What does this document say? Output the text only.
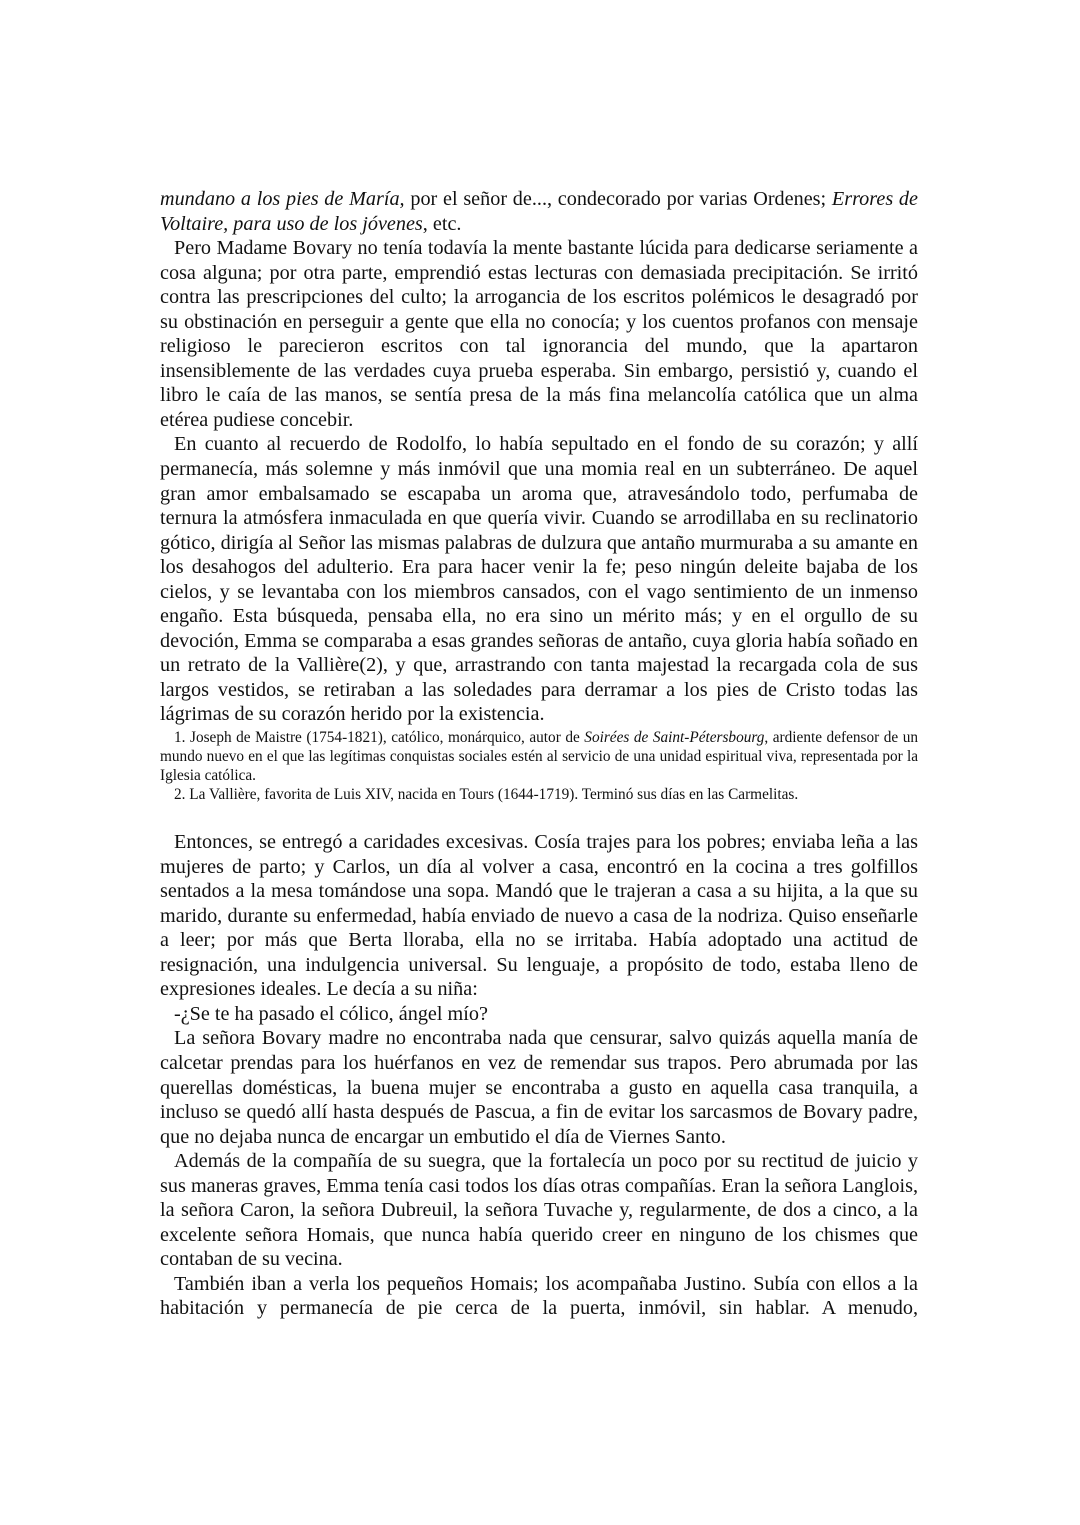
mundano a los pies de María, por el señor de..., condecorado por varias Ordenes; Errores de Voltaire, para uso de los jóvenes, etc.

Pero Madame Bovary no tenía todavía la mente bastante lúcida para dedicarse seriamente a cosa alguna; por otra parte, emprendió estas lecturas con demasiada precipitación. Se irritó contra las prescripciones del culto; la arrogancia de los escritos polémicos le desagradó por su obstinación en perseguir a gente que ella no conocía; y los cuentos profanos con mensaje religioso le parecieron escritos con tal ignorancia del mundo, que la apartaron insensiblemente de las verdades cuya prueba esperaba. Sin embargo, persistió y, cuando el libro le caía de las manos, se sentía presa de la más fina melancolía católica que un alma etérea pudiese concebir.

En cuanto al recuerdo de Rodolfo, lo había sepultado en el fondo de su corazón; y allí permanecía, más solemne y más inmóvil que una momia real en un subterráneo. De aquel gran amor embalsamado se escapaba un aroma que, atravesándolo todo, perfumaba de ternura la atmósfera inmaculada en que quería vivir. Cuando se arrodillaba en su reclinatorio gótico, dirigía al Señor las mismas palabras de dulzura que antaño murmuraba a su amante en los desahogos del adulterio. Era para hacer venir la fe; peso ningún deleite bajaba de los cielos, y se levantaba con los miembros cansados, con el vago sentimiento de un inmenso engaño. Esta búsqueda, pensaba ella, no era sino un mérito más; y en el orgullo de su devoción, Emma se comparaba a esas grandes señoras de antaño, cuya gloria había soñado en un retrato de la Vallière(2), y que, arrastrando con tanta majestad la recargada cola de sus largos vestidos, se retiraban a las soledades para derramar a los pies de Cristo todas las lágrimas de su corazón herido por la existencia.

1. Joseph de Maistre (1754-1821), católico, monárquico, autor de Soirées de Saint-Pétersbourg, ardiente defensor de un mundo nuevo en el que las legítimas conquistas sociales estén al servicio de una unidad espiritual viva, representada por la Iglesia católica.

2. La Vallière, favorita de Luis XIV, nacida en Tours (1644-1719). Terminó sus días en las Carmelitas.

Entonces, se entregó a caridades excesivas. Cosía trajes para los pobres; enviaba leña a las mujeres de parto; y Carlos, un día al volver a casa, encontró en la cocina a tres golfillos sentados a la mesa tomándose una sopa. Mandó que le trajeran a casa a su hijita, a la que su marido, durante su enfermedad, había enviado de nuevo a casa de la nodriza. Quiso enseñarle a leer; por más que Berta lloraba, ella no se irritaba. Había adoptado una actitud de resignación, una indulgencia universal. Su lenguaje, a propósito de todo, estaba lleno de expresiones ideales. Le decía a su niña:

-¿Se te ha pasado el cólico, ángel mío?

La señora Bovary madre no encontraba nada que censurar, salvo quizás aquella manía de calcetar prendas para los huérfanos en vez de remendar sus trapos. Pero abrumada por las querellas domésticas, la buena mujer se encontraba a gusto en aquella casa tranquila, a incluso se quedó allí hasta después de Pascua, a fin de evitar los sarcasmos de Bovary padre, que no dejaba nunca de encargar un embutido el día de Viernes Santo.

Además de la compañía de su suegra, que la fortalecía un poco por su rectitud de juicio y sus maneras graves, Emma tenía casi todos los días otras compañías. Eran la señora Langlois, la señora Caron, la señora Dubreuil, la señora Tuvache y, regularmente, de dos a cinco, a la excelente señora Homais, que nunca había querido creer en ninguno de los chismes que contaban de su vecina.

También iban a verla los pequeños Homais; los acompañaba Justino. Subía con ellos a la habitación y permanecía de pie cerca de la puerta, inmóvil, sin hablar. A menudo,
